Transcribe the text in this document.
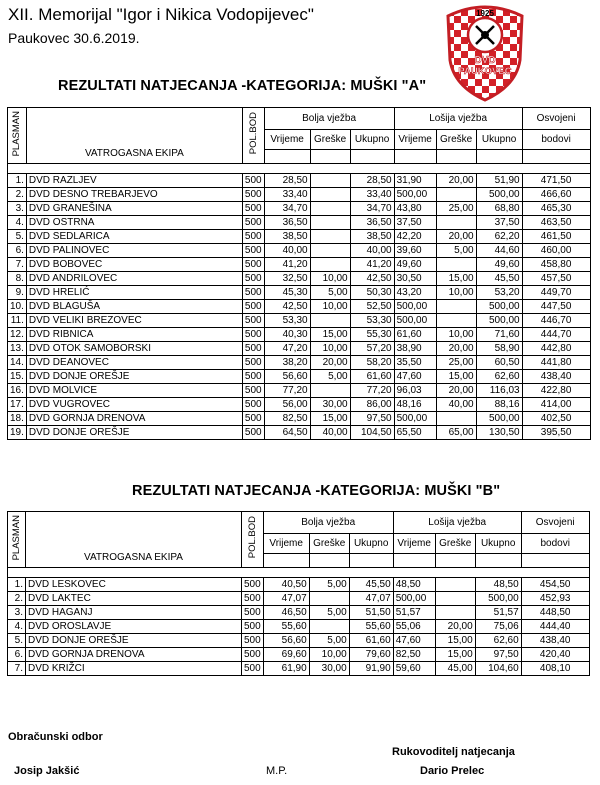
XII. Memorijal "Igor i Nikica Vodopijevec"
Paukovec 30.6.2019.
1925
DVD
PAUKOVEC
REZULTATI NATJECANJA -KATEGORIJA: MUŠKI "A"
PLASMAN	VATROGASNA EKIPA	POL.BOD	Bolja vježba			Lošija vježba			Osvojeni
			Vrijeme	Greške	Ukupno	Vrijeme	Greške	Ukupno	bodovi

1.	DVD RAZLJEV	500	28,50		28,50	31,90	20,00	51,90	471,50
2.	DVD DESNO TREBARJEVO	500	33,40		33,40	500,00		500,00	466,60
3.	DVD GRANEŠINA	500	34,70		34,70	43,80	25,00	68,80	465,30
4.	DVD OSTRNA	500	36,50		36,50	37,50		37,50	463,50
5.	DVD SEDLARICA	500	38,50		38,50	42,20	20,00	62,20	461,50
6.	DVD PALINOVEC	500	40,00		40,00	39,60	5,00	44,60	460,00
7.	DVD BOBOVEC	500	41,20		41,20	49,60		49,60	458,80
8.	DVD ANDRILOVEC	500	32,50	10,00	42,50	30,50	15,00	45,50	457,50
9.	DVD HRELIĆ	500	45,30	5,00	50,30	43,20	10,00	53,20	449,70
10.	DVD BLAGUŠA	500	42,50	10,00	52,50	500,00		500,00	447,50
11.	DVD VELIKI BREZOVEC	500	53,30		53,30	500,00		500,00	446,70
12.	DVD RIBNICA	500	40,30	15,00	55,30	61,60	10,00	71,60	444,70
13.	DVD OTOK SAMOBORSKI	500	47,20	10,00	57,20	38,90	20,00	58,90	442,80
14.	DVD DEANOVEC	500	38,20	20,00	58,20	35,50	25,00	60,50	441,80
15.	DVD DONJE OREŠJE	500	56,60	5,00	61,60	47,60	15,00	62,60	438,40
16.	DVD MOLVICE	500	77,20		77,20	96,03	20,00	116,03	422,80
17.	DVD VUGROVEC	500	56,00	30,00	86,00	48,16	40,00	88,16	414,00
18.	DVD GORNJA DRENOVA	500	82,50	15,00	97,50	500,00		500,00	402,50
19.	DVD DONJE OREŠJE	500	64,50	40,00	104,50	65,50	65,00	130,50	395,50
REZULTATI NATJECANJA -KATEGORIJA: MUŠKI "B"
PLASMAN	VATROGASNA EKIPA	POL.BOD	Bolja vježba			Lošija vježba			Osvojeni
			Vrijeme	Greške	Ukupno	Vrijeme	Greške	Ukupno	bodovi

1.	DVD LESKOVEC	500	40,50	5,00	45,50	48,50		48,50	454,50
2.	DVD LAKTEC	500	47,07		47,07	500,00		500,00	452,93
3.	DVD HAGANJ	500	46,50	5,00	51,50	51,57		51,57	448,50
4.	DVD OROSLAVJE	500	55,60		55,60	55,06	20,00	75,06	444,40
5.	DVD DONJE OREŠJE	500	56,60	5,00	61,60	47,60	15,00	62,60	438,40
6.	DVD GORNJA DRENOVA	500	69,60	10,00	79,60	82,50	15,00	97,50	420,40
7.	DVD KRIŽCI	500	61,90	30,00	91,90	59,60	45,00	104,60	408,10
Obračunski odbor
Josip Jakšić	M.P.
Rukovoditelj natjecanja
Dario Prelec
